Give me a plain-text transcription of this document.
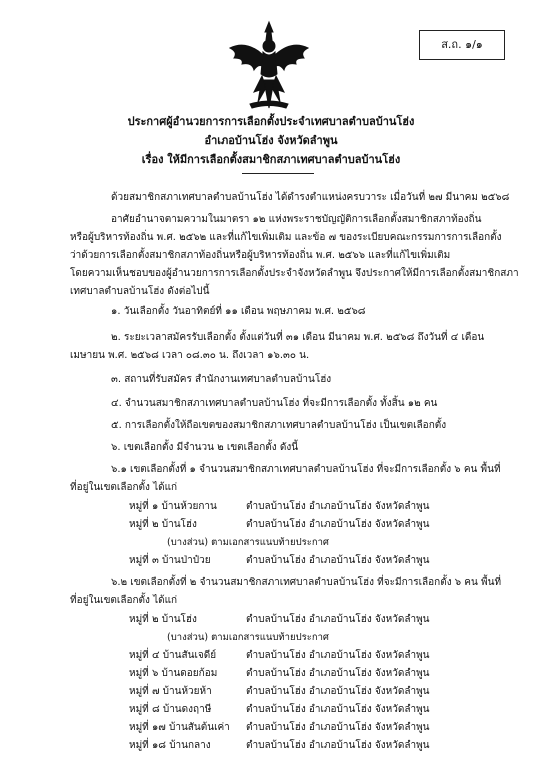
ส.ถ. ๑/๑
ประกาศผู้อำนวยการการเลือกตั้งประจำเทศบาลตำบลบ้านโฮ่ง
อำเภอบ้านโฮ่ง จังหวัดลำพูน
เรื่อง ให้มีการเลือกตั้งสมาชิกสภาเทศบาลตำบลบ้านโฮ่ง
ด้วยสมาชิกสภาเทศบาลตำบลบ้านโฮ่ง ได้ดำรงตำแหน่งครบวาระ เมื่อวันที่ ๒๗ มีนาคม ๒๕๖๘
อาศัยอำนาจตามความในมาตรา ๑๒ แห่งพระราชบัญญัติการเลือกตั้งสมาชิกสภาท้องถิ่น
หรือผู้บริหารท้องถิ่น พ.ศ. ๒๕๖๒ และที่แก้ไขเพิ่มเติม และข้อ ๗ ของระเบียบคณะกรรมการการเลือกตั้ง
ว่าด้วยการเลือกตั้งสมาชิกสภาท้องถิ่นหรือผู้บริหารท้องถิ่น พ.ศ. ๒๕๖๖ และที่แก้ไขเพิ่มเติม
โดยความเห็นชอบของผู้อำนวยการการเลือกตั้งประจำจังหวัดลำพูน จึงประกาศให้มีการเลือกตั้งสมาชิกสภา
เทศบาลตำบลบ้านโฮ่ง ดังต่อไปนี้
๑. วันเลือกตั้ง วันอาทิตย์ที่ ๑๑ เดือน พฤษภาคม พ.ศ. ๒๕๖๘
๒. ระยะเวลาสมัครรับเลือกตั้ง ตั้งแต่วันที่ ๓๑ เดือน มีนาคม พ.ศ. ๒๕๖๘ ถึงวันที่ ๔ เดือน
เมษายน พ.ศ. ๒๕๖๘ เวลา ๐๘.๓๐ น. ถึงเวลา ๑๖.๓๐ น.
๓. สถานที่รับสมัคร สำนักงานเทศบาลตำบลบ้านโฮ่ง
๔. จำนวนสมาชิกสภาเทศบาลตำบลบ้านโฮ่ง ที่จะมีการเลือกตั้ง ทั้งสิ้น ๑๒ คน
๕. การเลือกตั้งให้ถือเขตของสมาชิกสภาเทศบาลตำบลบ้านโฮ่ง เป็นเขตเลือกตั้ง
๖. เขตเลือกตั้ง มีจำนวน ๒ เขตเลือกตั้ง ดังนี้
๖.๑ เขตเลือกตั้งที่ ๑ จำนวนสมาชิกสภาเทศบาลตำบลบ้านโฮ่ง ที่จะมีการเลือกตั้ง ๖ คน พื้นที่
ที่อยู่ในเขตเลือกตั้ง ได้แก่
หมู่ที่ ๑ บ้านห้วยกาน	ตำบลบ้านโฮ่ง อำเภอบ้านโฮ่ง จังหวัดลำพูน
หมู่ที่ ๒ บ้านโฮ่ง	ตำบลบ้านโฮ่ง อำเภอบ้านโฮ่ง จังหวัดลำพูน
(บางส่วน) ตามเอกสารแนบท้ายประกาศ
หมู่ที่ ๓ บ้านป่าป๋วย	ตำบลบ้านโฮ่ง อำเภอบ้านโฮ่ง จังหวัดลำพูน
๖.๒ เขตเลือกตั้งที่ ๒ จำนวนสมาชิกสภาเทศบาลตำบลบ้านโฮ่ง ที่จะมีการเลือกตั้ง ๖ คน พื้นที่
ที่อยู่ในเขตเลือกตั้ง ได้แก่
หมู่ที่ ๒ บ้านโฮ่ง	ตำบลบ้านโฮ่ง อำเภอบ้านโฮ่ง จังหวัดลำพูน
(บางส่วน) ตามเอกสารแนบท้ายประกาศ
หมู่ที่ ๔ บ้านสันเจดีย์	ตำบลบ้านโฮ่ง อำเภอบ้านโฮ่ง จังหวัดลำพูน
หมู่ที่ ๖ บ้านดอยก้อม	ตำบลบ้านโฮ่ง อำเภอบ้านโฮ่ง จังหวัดลำพูน
หมู่ที่ ๗ บ้านห้วยห้า	ตำบลบ้านโฮ่ง อำเภอบ้านโฮ่ง จังหวัดลำพูน
หมู่ที่ ๘ บ้านดงฤาษี	ตำบลบ้านโฮ่ง อำเภอบ้านโฮ่ง จังหวัดลำพูน
หมู่ที่ ๑๗ บ้านสันต้นเค่า ตำบลบ้านโฮ่ง อำเภอบ้านโฮ่ง จังหวัดลำพูน
หมู่ที่ ๑๘ บ้านกลาง	ตำบลบ้านโฮ่ง อำเภอบ้านโฮ่ง จังหวัดลำพูน
